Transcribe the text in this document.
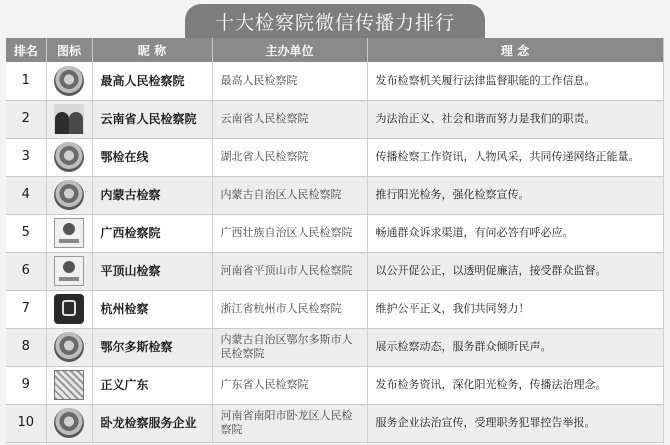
十大检察院微信传播力排行
排名	图标	昵 称	主办单位	理 念
1		最高人民检察院	最高人民检察院	发布检察机关履行法律监督职能的工作信息。
2		云南省人民检察院	云南省人民检察院	为法治正义、社会和谐而努力是我们的职责。
3		鄂检在线	湖北省人民检察院	传播检察工作资讯，人物风采，共同传递网络正能量。
4		内蒙古检察	内蒙古自治区人民检察院	推行阳光检务，强化检察宣传。
5		广西检察院	广西壮族自治区人民检察院	畅通群众诉求渠道，有问必答有呼必应。
6		平顶山检察	河南省平顶山市人民检察院	以公开促公正，以透明促廉洁，接受群众监督。
7		杭州检察	浙江省杭州市人民检察院	维护公平正义，我们共同努力！
8		鄂尔多斯检察	内蒙古自治区鄂尔多斯市人民检察院	展示检察动态，服务群众倾听民声。
9		正义广东	广东省人民检察院	发布检务资讯，深化阳光检务，传播法治理念。
10		卧龙检察服务企业	河南省南阳市卧龙区人民检察院	服务企业法治宣传，受理职务犯罪控告举报。
